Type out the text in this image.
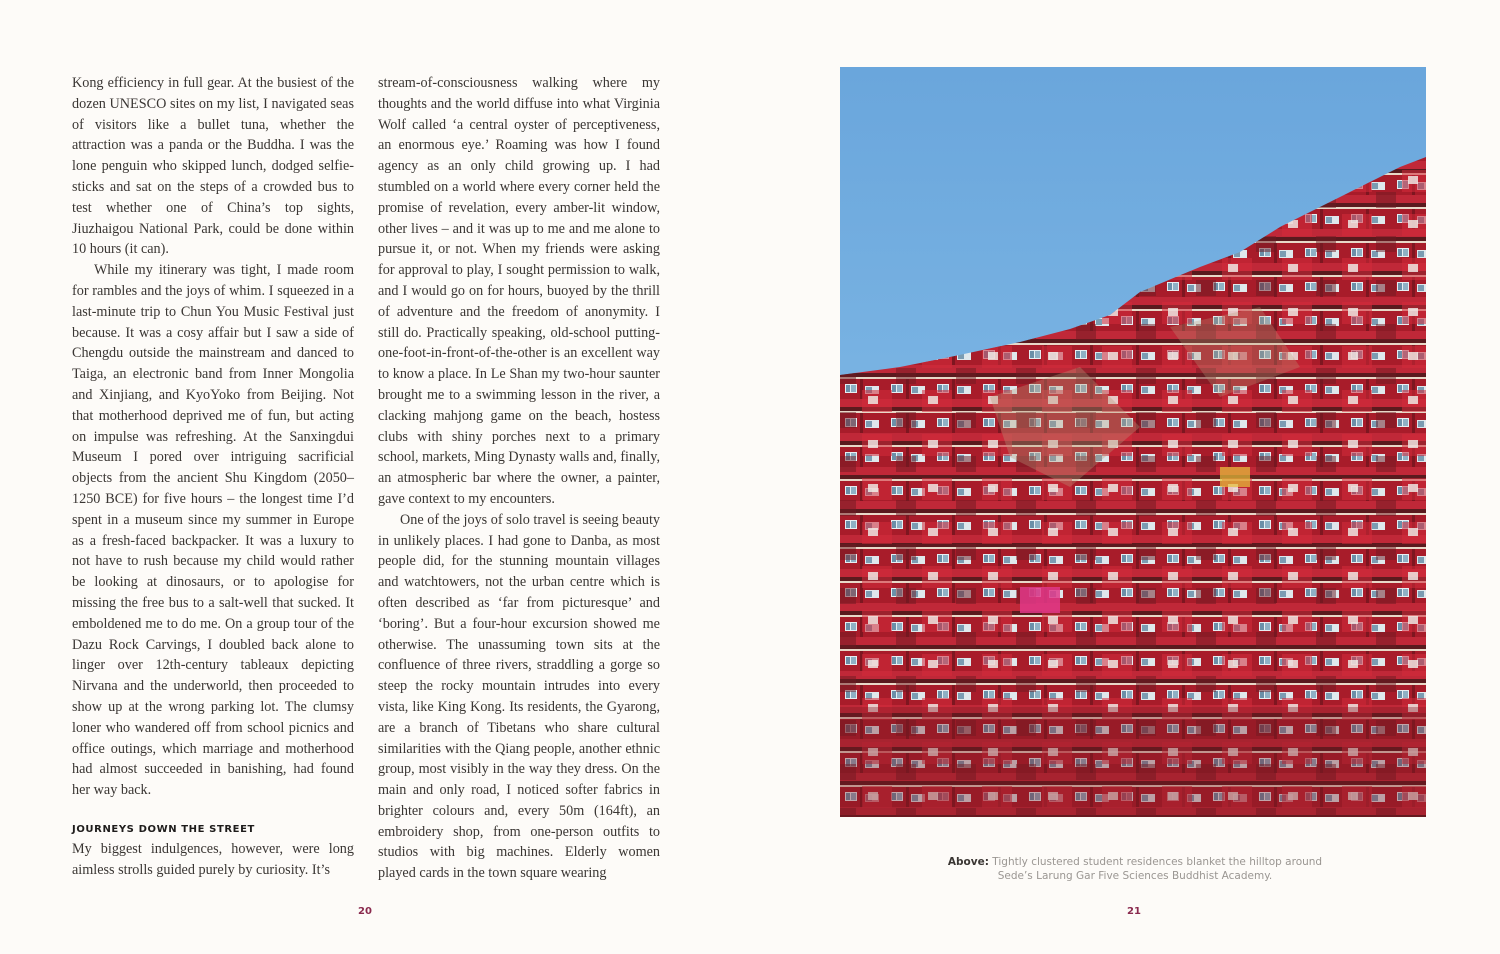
Kong efficiency in full gear. At the busiest of the dozen UNESCO sites on my list, I navigated seas of visitors like a bullet tuna, whether the attraction was a panda or the Buddha. I was the lone penguin who skipped lunch, dodged selfie-sticks and sat on the steps of a crowded bus to test whether one of China’s top sights, Jiuzhaigou National Park, could be done within 10 hours (it can).

While my itinerary was tight, I made room for rambles and the joys of whim. I squeezed in a last-minute trip to Chun You Music Festival just because. It was a cosy affair but I saw a side of Chengdu outside the mainstream and danced to Taiga, an electronic band from Inner Mongolia and Xinjiang, and KyoYoko from Beijing. Not that motherhood deprived me of fun, but acting on impulse was refreshing. At the Sanxingdui Museum I pored over intriguing sacrificial objects from the ancient Shu Kingdom (2050–1250 BCE) for five hours – the longest time I’d spent in a museum since my summer in Europe as a fresh-faced backpacker. It was a luxury to not have to rush because my child would rather be looking at dinosaurs, or to apologise for missing the free bus to a salt-well that sucked. It emboldened me to do me. On a group tour of the Dazu Rock Carvings, I doubled back alone to linger over 12th-century tableaux depicting Nirvana and the underworld, then proceeded to show up at the wrong parking lot. The clumsy loner who wandered off from school picnics and office outings, which marriage and motherhood had almost succeeded in banishing, had found her way back.

JOURNEYS DOWN THE STREET

My biggest indulgences, however, were long aimless strolls guided purely by curiosity. It’s

stream-of-consciousness walking where my thoughts and the world diffuse into what Virginia Wolf called ‘a central oyster of perceptiveness, an enormous eye.’ Roaming was how I found agency as an only child growing up. I had stumbled on a world where every corner held the promise of revelation, every amber-lit window, other lives – and it was up to me and me alone to pursue it, or not. When my friends were asking for approval to play, I sought permission to walk, and I would go on for hours, buoyed by the thrill of adventure and the freedom of anonymity. I still do. Practically speaking, old-school putting-one-foot-in-front-of-the-other is an excellent way to know a place. In Le Shan my two-hour saunter brought me to a swimming lesson in the river, a clacking mahjong game on the beach, hostess clubs with shiny porches next to a primary school, markets, Ming Dynasty walls and, finally, an atmospheric bar where the owner, a painter, gave context to my encounters.

One of the joys of solo travel is seeing beauty in unlikely places. I had gone to Danba, as most people did, for the stunning mountain villages and watchtowers, not the urban centre which is often described as ‘far from picturesque’ and ‘boring’. But a four-hour excursion showed me otherwise. The unassuming town sits at the confluence of three rivers, straddling a gorge so steep the rocky mountain intrudes into every vista, like King Kong. Its residents, the Gyarong, are a branch of Tibetans who share cultural similarities with the Qiang people, another ethnic group, most visibly in the way they dress. On the main and only road, I noticed softer fabrics in brighter colours and, every 50m (164ft), an embroidery shop, from one-person outfits to studios with big machines. Elderly women played cards in the town square wearing

20
Above: Tightly clustered student residences blanket the hilltop around Sede’s Larung Gar Five Sciences Buddhist Academy.
21
